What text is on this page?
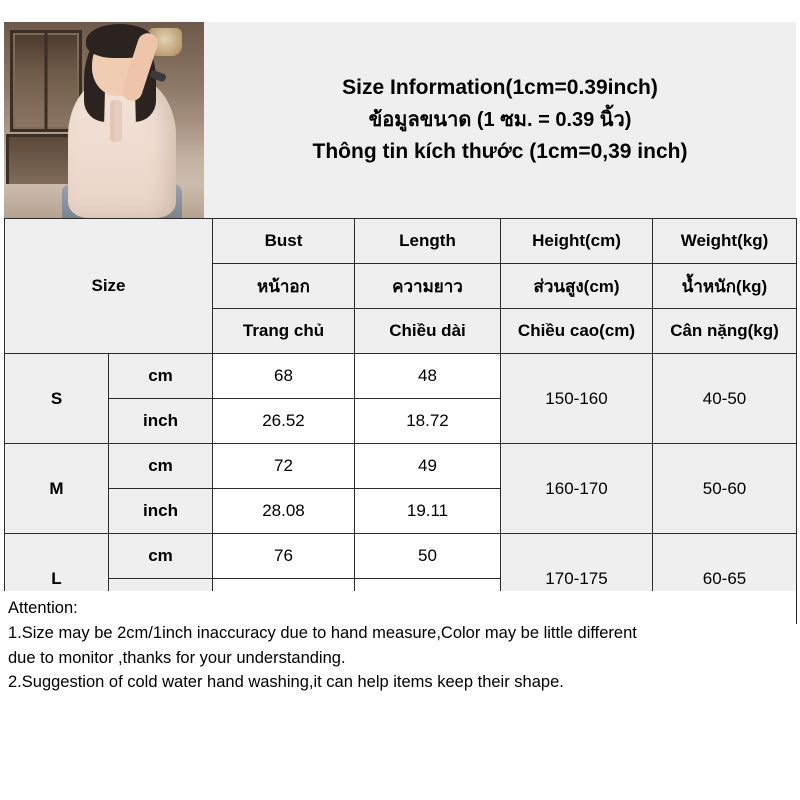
Size Information(1cm=0.39inch)
ข้อมูลขนาด (1 ซม. = 0.39 นิ้ว)
Thông tin kích thước (1cm=0,39 inch)
Size		Bust	Length	Height(cm)	Weight(kg)
		หน้าอก	ความยาว	ส่วนสูง(cm)	น้ำหนัก(kg)
		Trang chủ	Chiều dài	Chiều cao(cm)	Cân nặng(kg)
S	cm	68	48	150-160	40-50
	inch	26.52	18.72		
M	cm	72	49	160-170	50-60
	inch	28.08	19.11		
L	cm	76	50	170-175	60-65

Attention:

1.Size may be 2cm/1inch inaccuracy due to hand measure,Color may be little different

due to monitor ,thanks for your understanding.

2.Suggestion of cold water hand washing,it can help items keep their shape.
